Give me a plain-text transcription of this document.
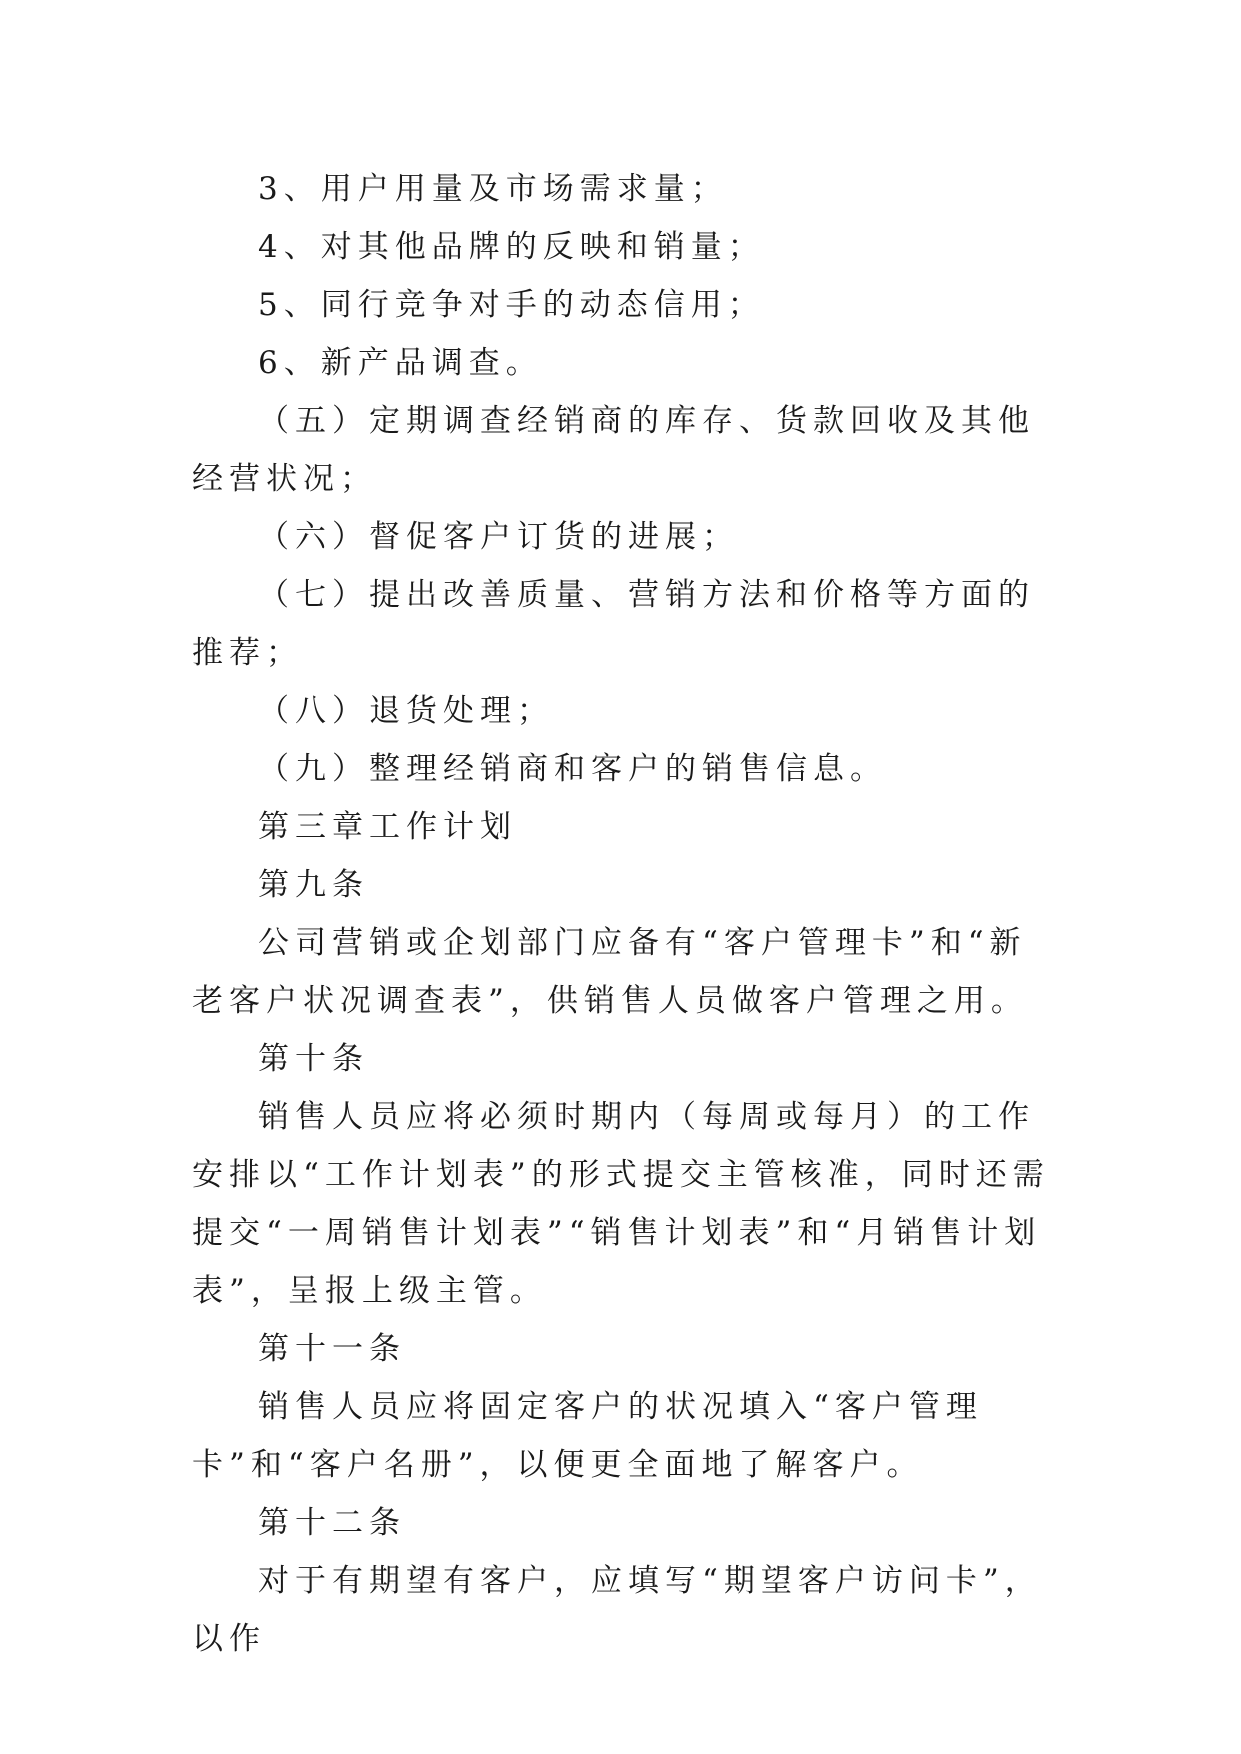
3、用户用量及市场需求量；

4、对其他品牌的反映和销量；

5、同行竞争对手的动态信用；

6、新产品调查。

（五）定期调查经销商的库存、货款回收及其他经营状况；

（六）督促客户订货的进展；

（七）提出改善质量、营销方法和价格等方面的推荐；

（八）退货处理；

（九）整理经销商和客户的销售信息。

第三章工作计划

第九条

公司营销或企划部门应备有“客户管理卡”和“新老客户状况调查表”，供销售人员做客户管理之用。

第十条

销售人员应将必须时期内（每周或每月）的工作安排以“工作计划表”的形式提交主管核准，同时还需提交“一周销售计划表”“销售计划表”和“月销售计划表”，呈报上级主管。

第十一条

销售人员应将固定客户的状况填入“客户管理卡”和“客户名册”，以便更全面地了解客户。

第十二条

对于有期望有客户，应填写“期望客户访问卡”，以作
